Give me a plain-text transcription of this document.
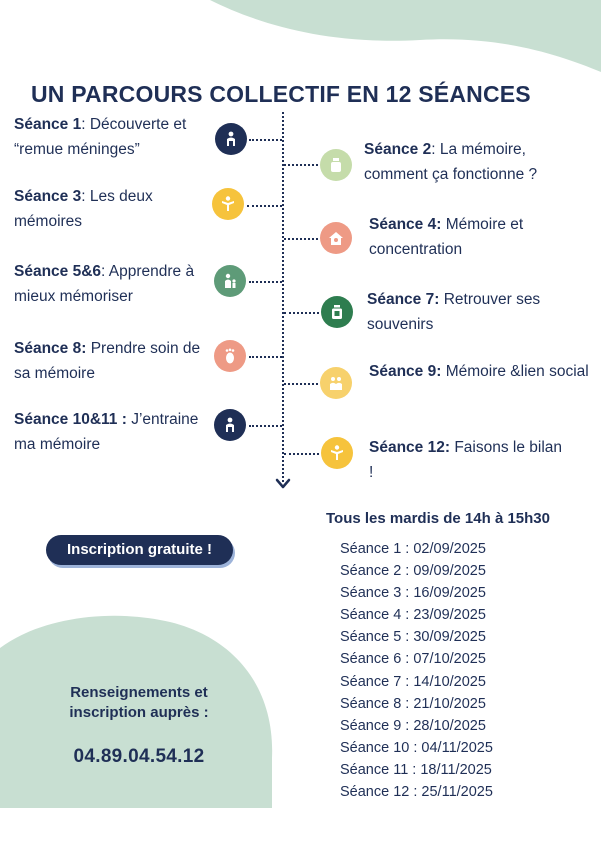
UN PARCOURS COLLECTIF EN 12 SÉANCES
Séance 1: Découverte et “remue méninges”	Séance 2: La mémoire, comment ça fonctionne ?
Séance 3: Les deux mémoires	Séance 4: Mémoire et concentration
Séance 5&6: Apprendre à mieux mémoriser	Séance 7: Retrouver ses souvenirs
Séance 8: Prendre soin de sa mémoire	Séance 9: Mémoire &lien social
Séance 10&11 : J’entraine ma mémoire	Séance 12: Faisons le bilan !
Inscription gratuite !
Tous les mardis de 14h à 15h30
Séance 1 : 02/09/2025
Séance 2 : 09/09/2025
Séance 3 : 16/09/2025
Séance 4 : 23/09/2025
Séance 5 : 30/09/2025
Séance 6 : 07/10/2025
Séance 7 : 14/10/2025
Séance 8 : 21/10/2025
Séance 9 : 28/10/2025
Séance 10 : 04/11/2025
Séance 11 : 18/11/2025
Séance 12 : 25/11/2025
Renseignements et inscription auprès :
04.89.04.54.12
